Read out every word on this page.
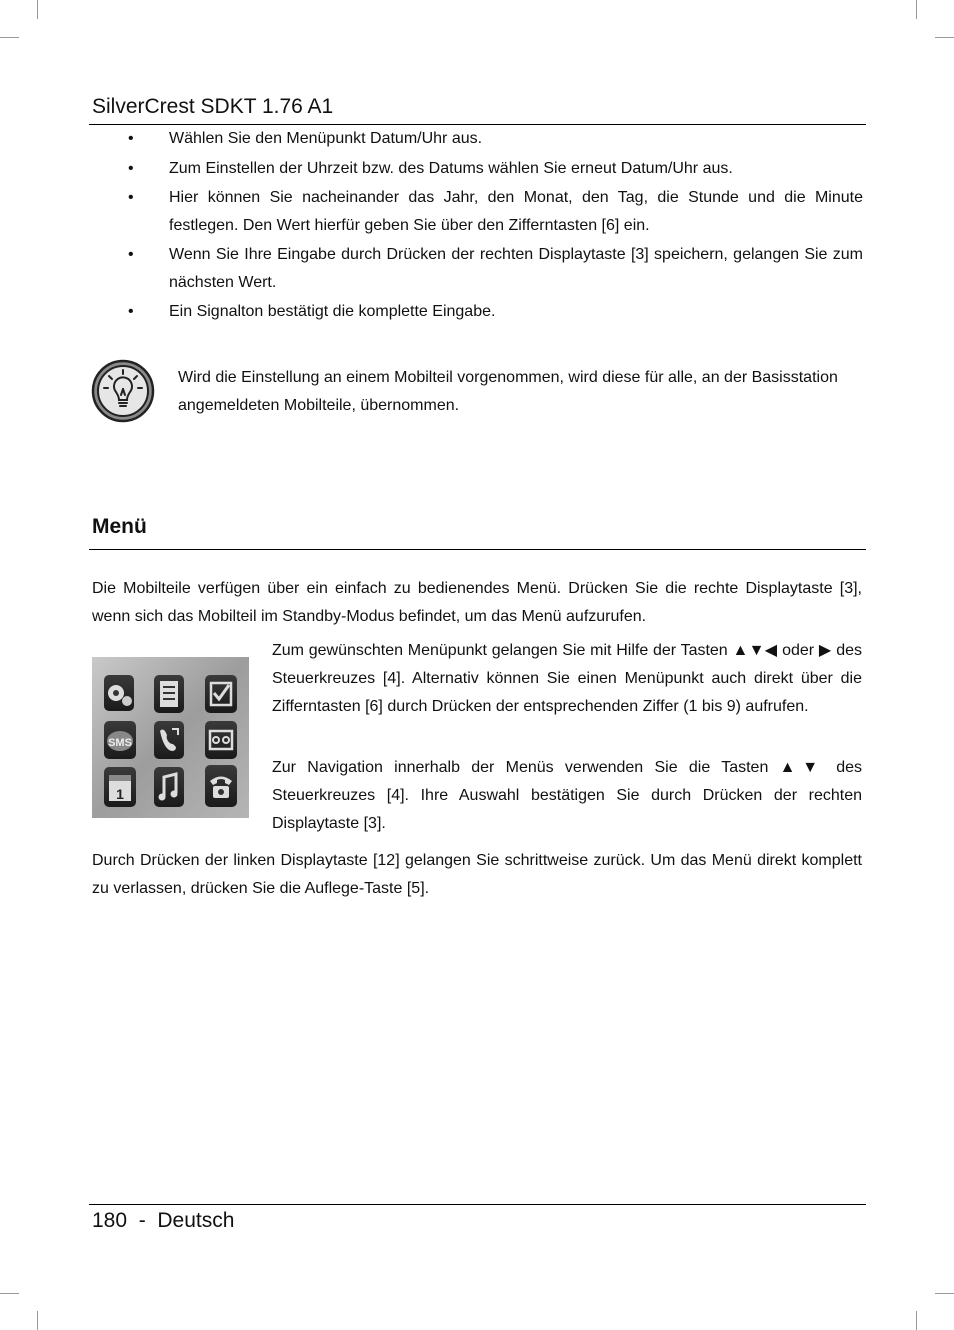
SilverCrest SDKT 1.76 A1
• Wählen Sie den Menüpunkt Datum/Uhr aus.
• Zum Einstellen der Uhrzeit bzw. des Datums wählen Sie erneut Datum/Uhr aus.
• Hier können Sie nacheinander das Jahr, den Monat, den Tag, die Stunde und die Minute festlegen. Den Wert hierfür geben Sie über den Zifferntasten [6] ein.
• Wenn Sie Ihre Eingabe durch Drücken der rechten Displaytaste [3] speichern, gelangen Sie zum nächsten Wert.
• Ein Signalton bestätigt die komplette Eingabe.
Wird die Einstellung an einem Mobilteil vorgenommen, wird diese für alle, an der Basisstation angemeldeten Mobilteile, übernommen.
Menü
Die Mobilteile verfügen über ein einfach zu bedienendes Menü. Drücken Sie die rechte Displaytaste [3], wenn sich das Mobilteil im Standby-Modus befindet, um das Menü aufzurufen.
SMS
1
Zum gewünschten Menüpunkt gelangen Sie mit Hilfe der Tasten ▲▼◀ oder ▶ des Steuerkreuzes [4]. Alternativ können Sie einen Menüpunkt auch direkt über die Zifferntasten [6] durch Drücken der entsprechenden Ziffer (1 bis 9) aufrufen.
Zur Navigation innerhalb der Menüs verwenden Sie die Tasten ▲▼ des Steuerkreuzes [4]. Ihre Auswahl bestätigen Sie durch Drücken der rechten Displaytaste [3].
Durch Drücken der linken Displaytaste [12] gelangen Sie schrittweise zurück. Um das Menü direkt komplett zu verlassen, drücken Sie die Auflege-Taste [5].
180 - Deutsch
